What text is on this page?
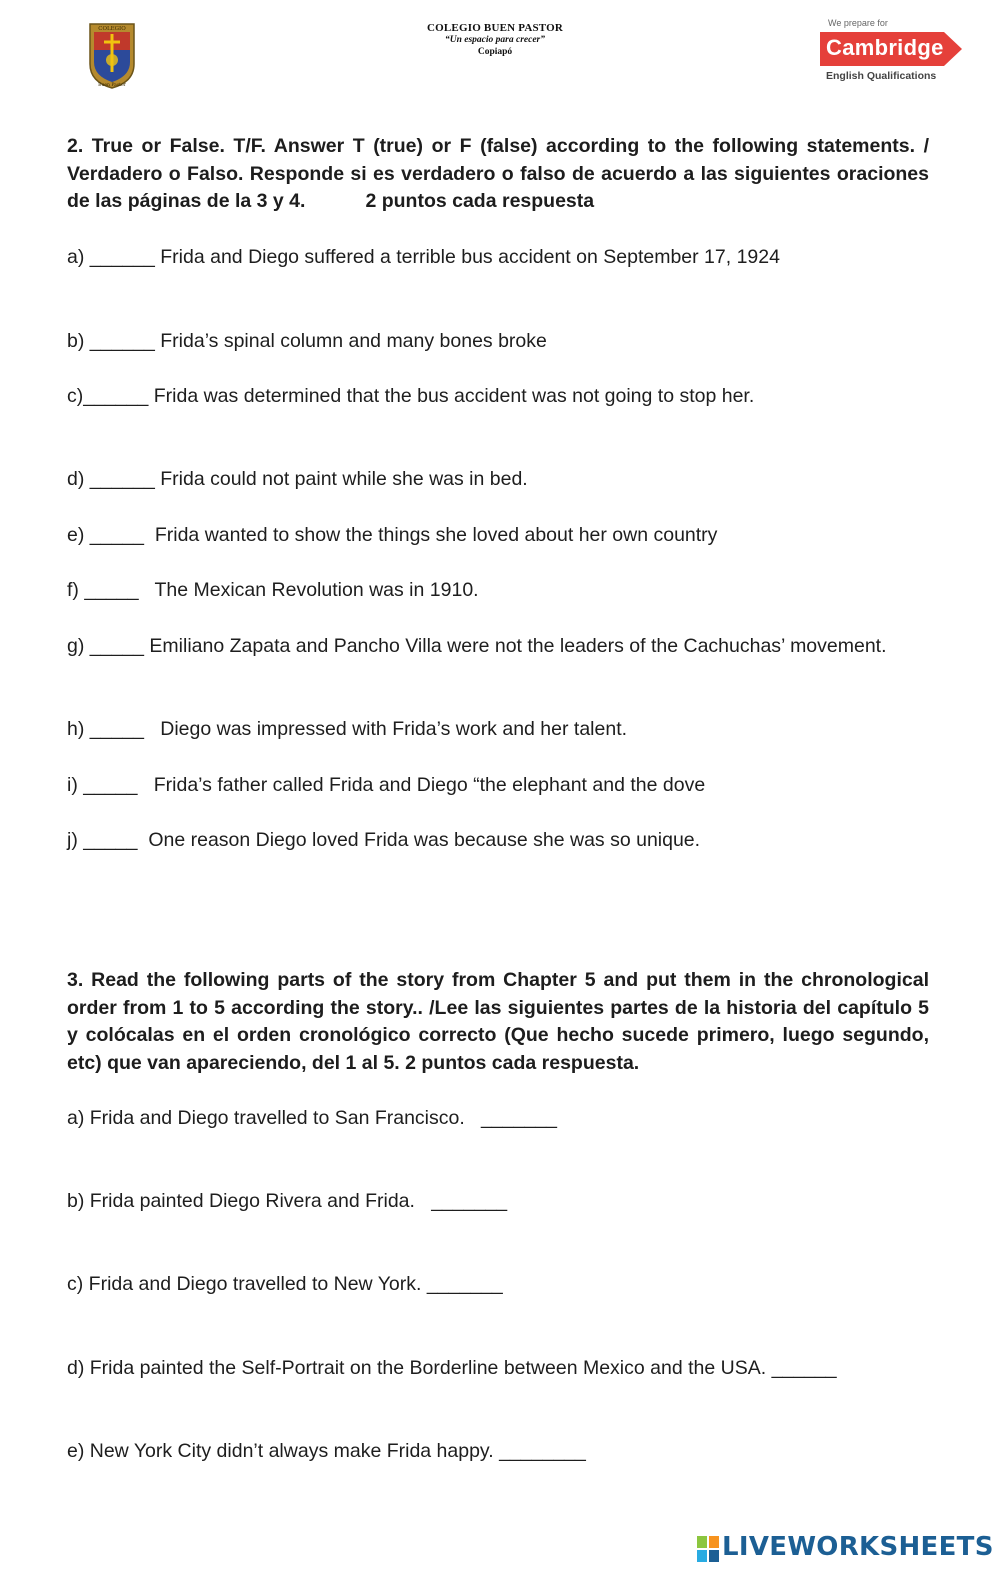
COLEGIO
Buen Pastor
COLEGIO BUEN PASTOR
“Un espacio para crecer”
Copiapó
We prepare for
Cambridge
English Qualifications
2. True or False. T/F. Answer T (true) or F (false) according to the following statements. / Verdadero o Falso. Responde si es verdadero o falso de acuerdo a las siguientes oraciones de las páginas de la 3 y 4.	2 puntos cada respuesta
a) ______ Frida and Diego suffered a terrible bus accident on September 17, 1924
b) ______ Frida’s spinal column and many bones broke
c)______ Frida was determined that the bus accident was not going to stop her.
d) ______ Frida could not paint while she was in bed.
e) _____ Frida wanted to show the things she loved about her own country
f) _____ The Mexican Revolution was in 1910.
g) _____ Emiliano Zapata and Pancho Villa were not the leaders of the Cachuchas’ movement.
h) _____ Diego was impressed with Frida’s work and her talent.
i) _____ Frida’s father called Frida and Diego “the elephant and the dove
j) _____ One reason Diego loved Frida was because she was so unique.
3. Read the following parts of the story from Chapter 5 and put them in the chronological order from 1 to 5 according the story.. /Lee las siguientes partes de la historia del capítulo 5 y colócalas en el orden cronológico correcto (Que hecho sucede primero, luego segundo, etc) que van apareciendo, del 1 al 5. 2 puntos cada respuesta.
a) Frida and Diego travelled to San Francisco. _______
b) Frida painted Diego Rivera and Frida. _______
c) Frida and Diego travelled to New York. _______
d) Frida painted the Self-Portrait on the Borderline between Mexico and the USA. ______
e) New York City didn’t always make Frida happy. ________
LIVEWORKSHEETS
